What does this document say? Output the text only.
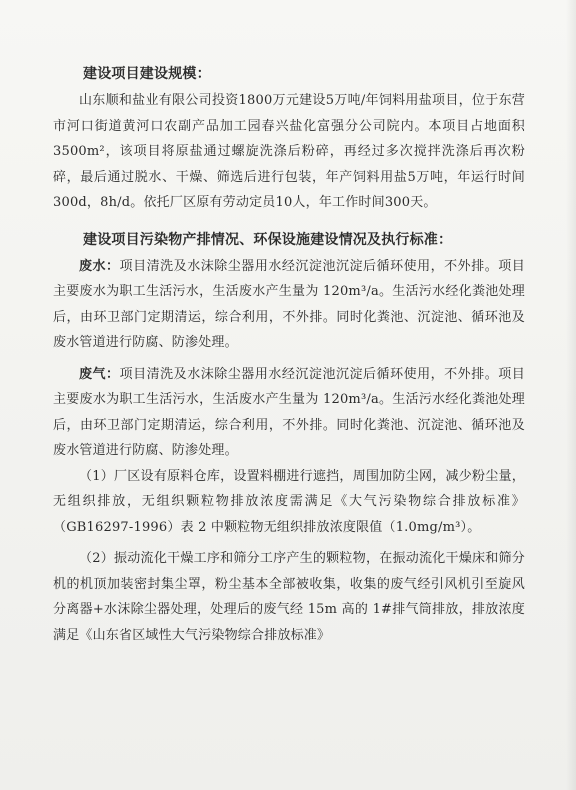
建设项目建设规模：

山东顺和盐业有限公司投资1800万元建设5万吨/年饲料用盐项目，位于东营市河口街道黄河口农副产品加工园春兴盐化富强分公司院内。本项目占地面积3500m²，该项目将原盐通过螺旋洗涤后粉碎，再经过多次搅拌洗涤后再次粉碎，最后通过脱水、干燥、筛选后进行包装，年产饲料用盐5万吨，年运行时间300d，8h/d。依托厂区原有劳动定员10人，年工作时间300天。

建设项目污染物产排情况、环保设施建设情况及执行标准：

废水：项目清洗及水沫除尘器用水经沉淀池沉淀后循环使用，不外排。项目主要废水为职工生活污水，生活废水产生量为 120m³/a。生活污水经化粪池处理后，由环卫部门定期清运，综合利用，不外排。同时化粪池、沉淀池、循环池及废水管道进行防腐、防渗处理。

废气：项目清洗及水沫除尘器用水经沉淀池沉淀后循环使用，不外排。项目主要废水为职工生活污水，生活废水产生量为 120m³/a。生活污水经化粪池处理后，由环卫部门定期清运，综合利用，不外排。同时化粪池、沉淀池、循环池及废水管道进行防腐、防渗处理。

（1）厂区设有原料仓库，设置料棚进行遮挡，周围加防尘网，减少粉尘量，无组织排放，无组织颗粒物排放浓度需满足《大气污染物综合排放标准》（GB16297-1996）表 2 中颗粒物无组织排放浓度限值（1.0mg/m³）。

（2）振动流化干燥工序和筛分工序产生的颗粒物，在振动流化干燥床和筛分机的机顶加装密封集尘罩，粉尘基本全部被收集，收集的废气经引风机引至旋风分离器+水沫除尘器处理，处理后的废气经 15m 高的 1#排气筒排放，排放浓度满足《山东省区域性大气污染物综合排放标准》
